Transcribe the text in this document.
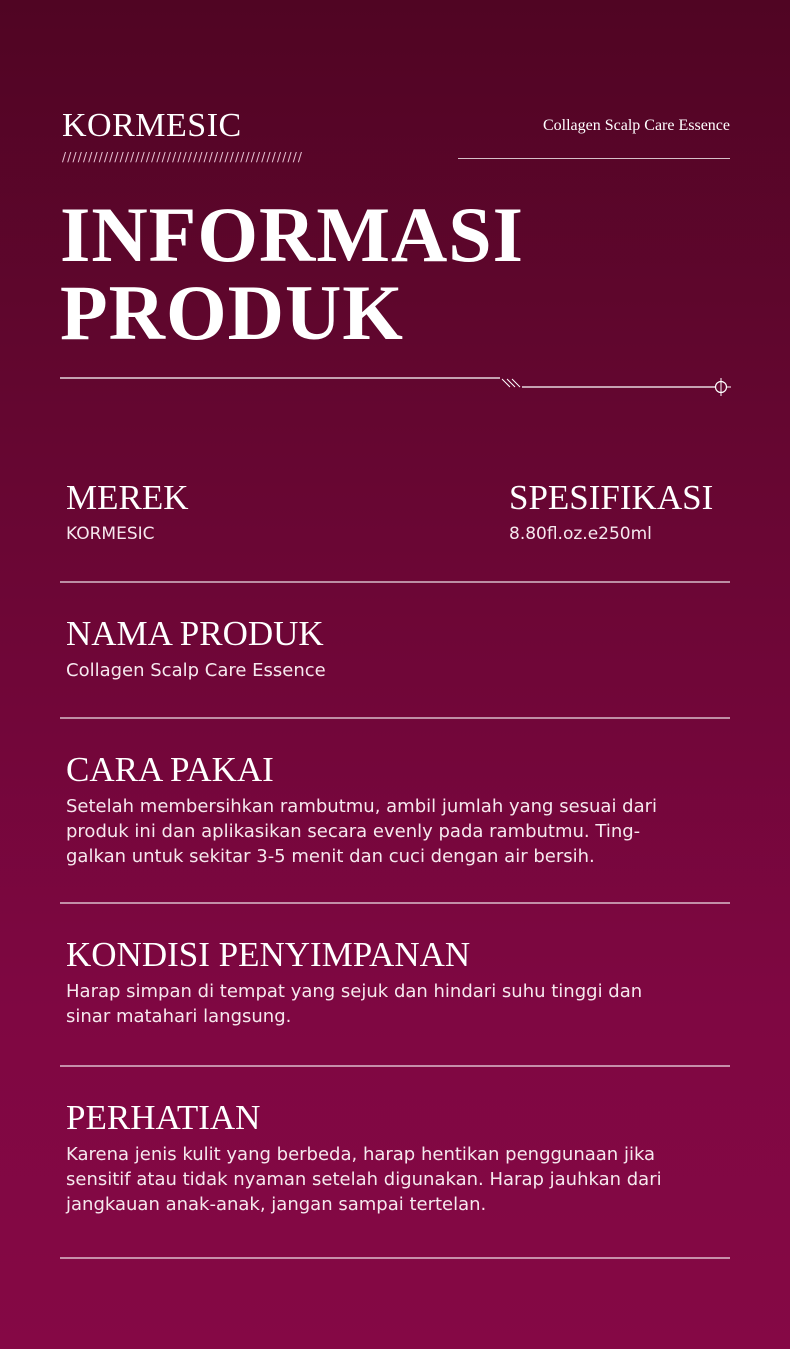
KORMESIC	Collagen Scalp Care Essence
//////////////////////////////////////////////
INFORMASI
PRODUK
MEREK
KORMESIC
SPESIFIKASI
8.80fl.oz.e250ml
NAMA PRODUK
Collagen Scalp Care Essence
CARA PAKAI
Setelah membersihkan rambutmu, ambil jumlah yang sesuai dari
produk ini dan aplikasikan secara evenly pada rambutmu. Ting-
galkan untuk sekitar 3-5 menit dan cuci dengan air bersih.
KONDISI PENYIMPANAN
Harap simpan di tempat yang sejuk dan hindari suhu tinggi dan
sinar matahari langsung.
PERHATIAN
Karena jenis kulit yang berbeda, harap hentikan penggunaan jika
sensitif atau tidak nyaman setelah digunakan. Harap jauhkan dari
jangkauan anak-anak, jangan sampai tertelan.
